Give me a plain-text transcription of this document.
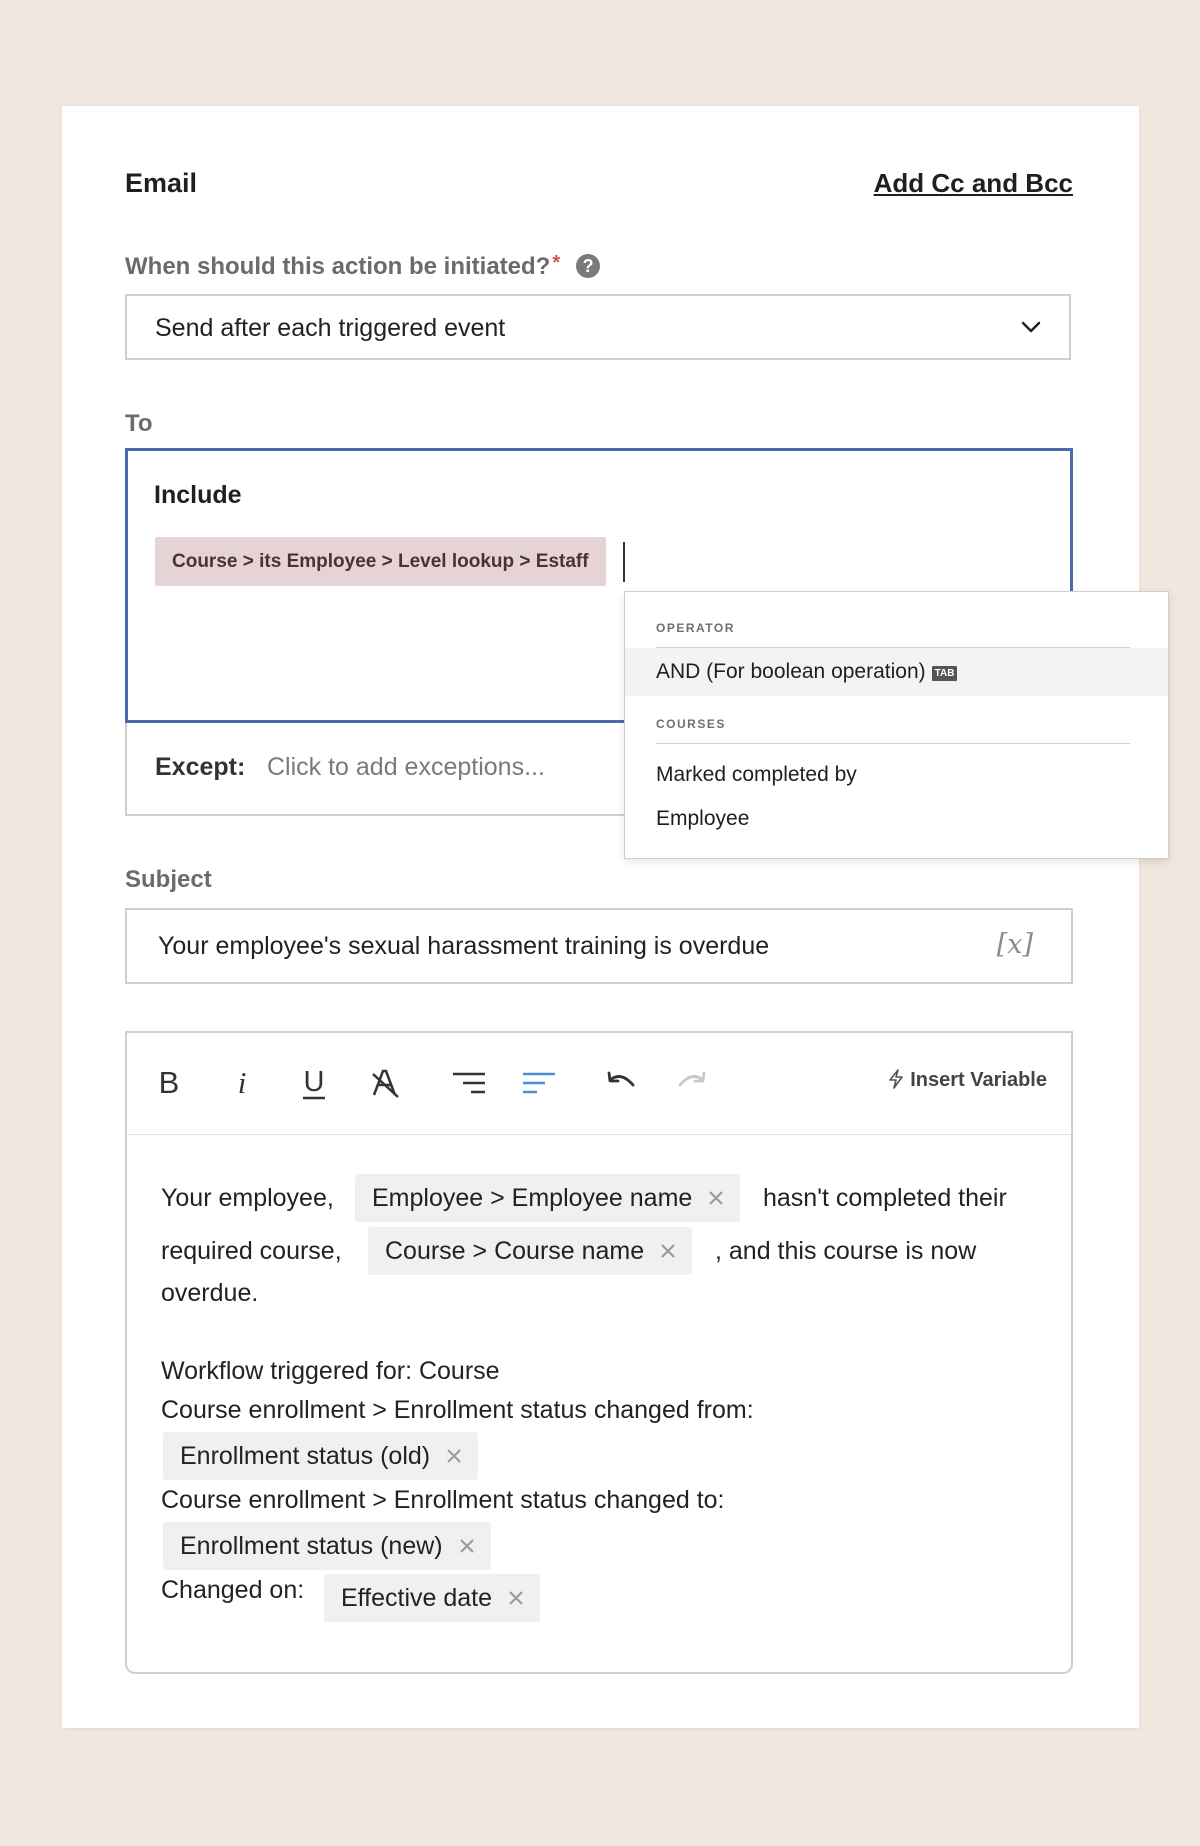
Email	Add Cc and Bcc
When should this action be initiated? * ?
Send after each triggered event
To
Include
Course > its Employee > Level lookup > Estaff
Except: Click to add exceptions...
OPERATOR
AND (For boolean operation) TAB
COURSES
Marked completed by
Employee
Subject
Your employee's sexual harassment training is overdue	[x]
B i U	Insert Variable
Your employee,	Employee > Employee name	hasn't completed their
required course,	Course > Course name	, and this course is now
overdue.
Workflow triggered for: Course
Course enrollment > Enrollment status changed from:
Enrollment status (old)
Course enrollment > Enrollment status changed to:
Enrollment status (new)
Changed on:	Effective date
